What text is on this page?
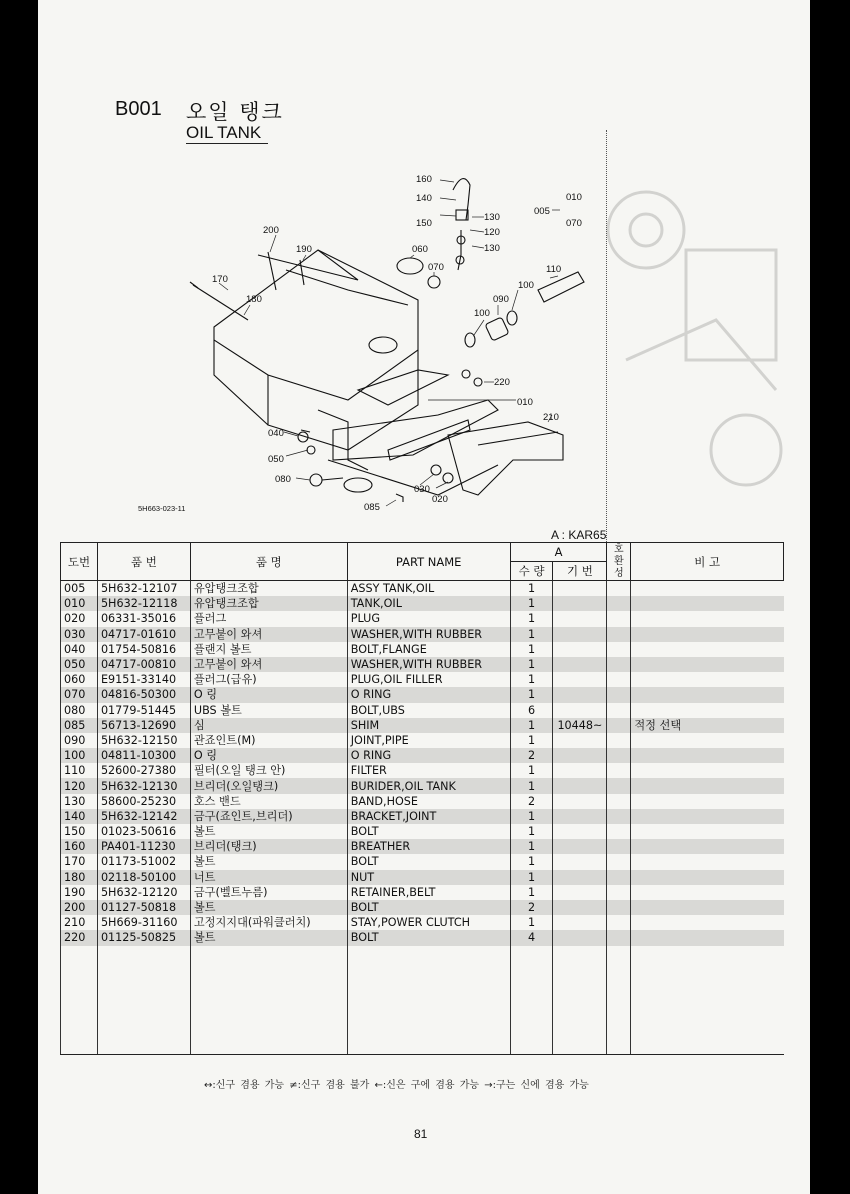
B001 오일 탱크
OIL TANK
160
140
150
130
120
130
005
010
070
200
190	060
070	110
170
180
100
090
100
220
010
210
040
050
080
030
020
085
5H663-023-11
A : KAR65
도번	품 번	품 명	PART NAME	A		호환성	비 고
				수 량	기 번		
005	5H632-12107	유압탱크조합	ASSY TANK,OIL	1			
010	5H632-12118	유압탱크조합	TANK,OIL	1			
020	06331-35016	플러그	PLUG	1			
030	04717-01610	고무붙이 와셔	WASHER,WITH RUBBER	1			
040	01754-50816	플랜지 볼트	BOLT,FLANGE	1			
050	04717-00810	고무붙이 와셔	WASHER,WITH RUBBER	1			
060	E9151-33140	플러그(급유)	PLUG,OIL FILLER	1			
070	04816-50300	O 링	O RING	1			
080	01779-51445	UBS 볼트	BOLT,UBS	6			
085	56713-12690	심	SHIM	1	10448~		적정 선택
090	5H632-12150	관죠인트(M)	JOINT,PIPE	1			
100	04811-10300	O 링	O RING	2			
110	52600-27380	필터(오일 탱크 안)	FILTER	1			
120	5H632-12130	브리더(오일탱크)	BURIDER,OIL TANK	1			
130	58600-25230	호스 밴드	BAND,HOSE	2			
140	5H632-12142	금구(죠인트,브리더)	BRACKET,JOINT	1			
150	01023-50616	볼트	BOLT	1			
160	PA401-11230	브리더(탱크)	BREATHER	1			
170	01173-51002	볼트	BOLT	1			
180	02118-50100	너트	NUT	1			
190	5H632-12120	금구(벨트누름)	RETAINER,BELT	1			
200	01127-50818	볼트	BOLT	2			
210	5H669-31160	고정지지대(파워클러치)	STAY,POWER CLUTCH	1			
220	01125-50825	볼트	BOLT	4			

↔:신구 겸용 가능 ≠:신구 겸용 불가 ←:신은 구에 겸용 가능 →:구는 신에 겸용 가능
81
